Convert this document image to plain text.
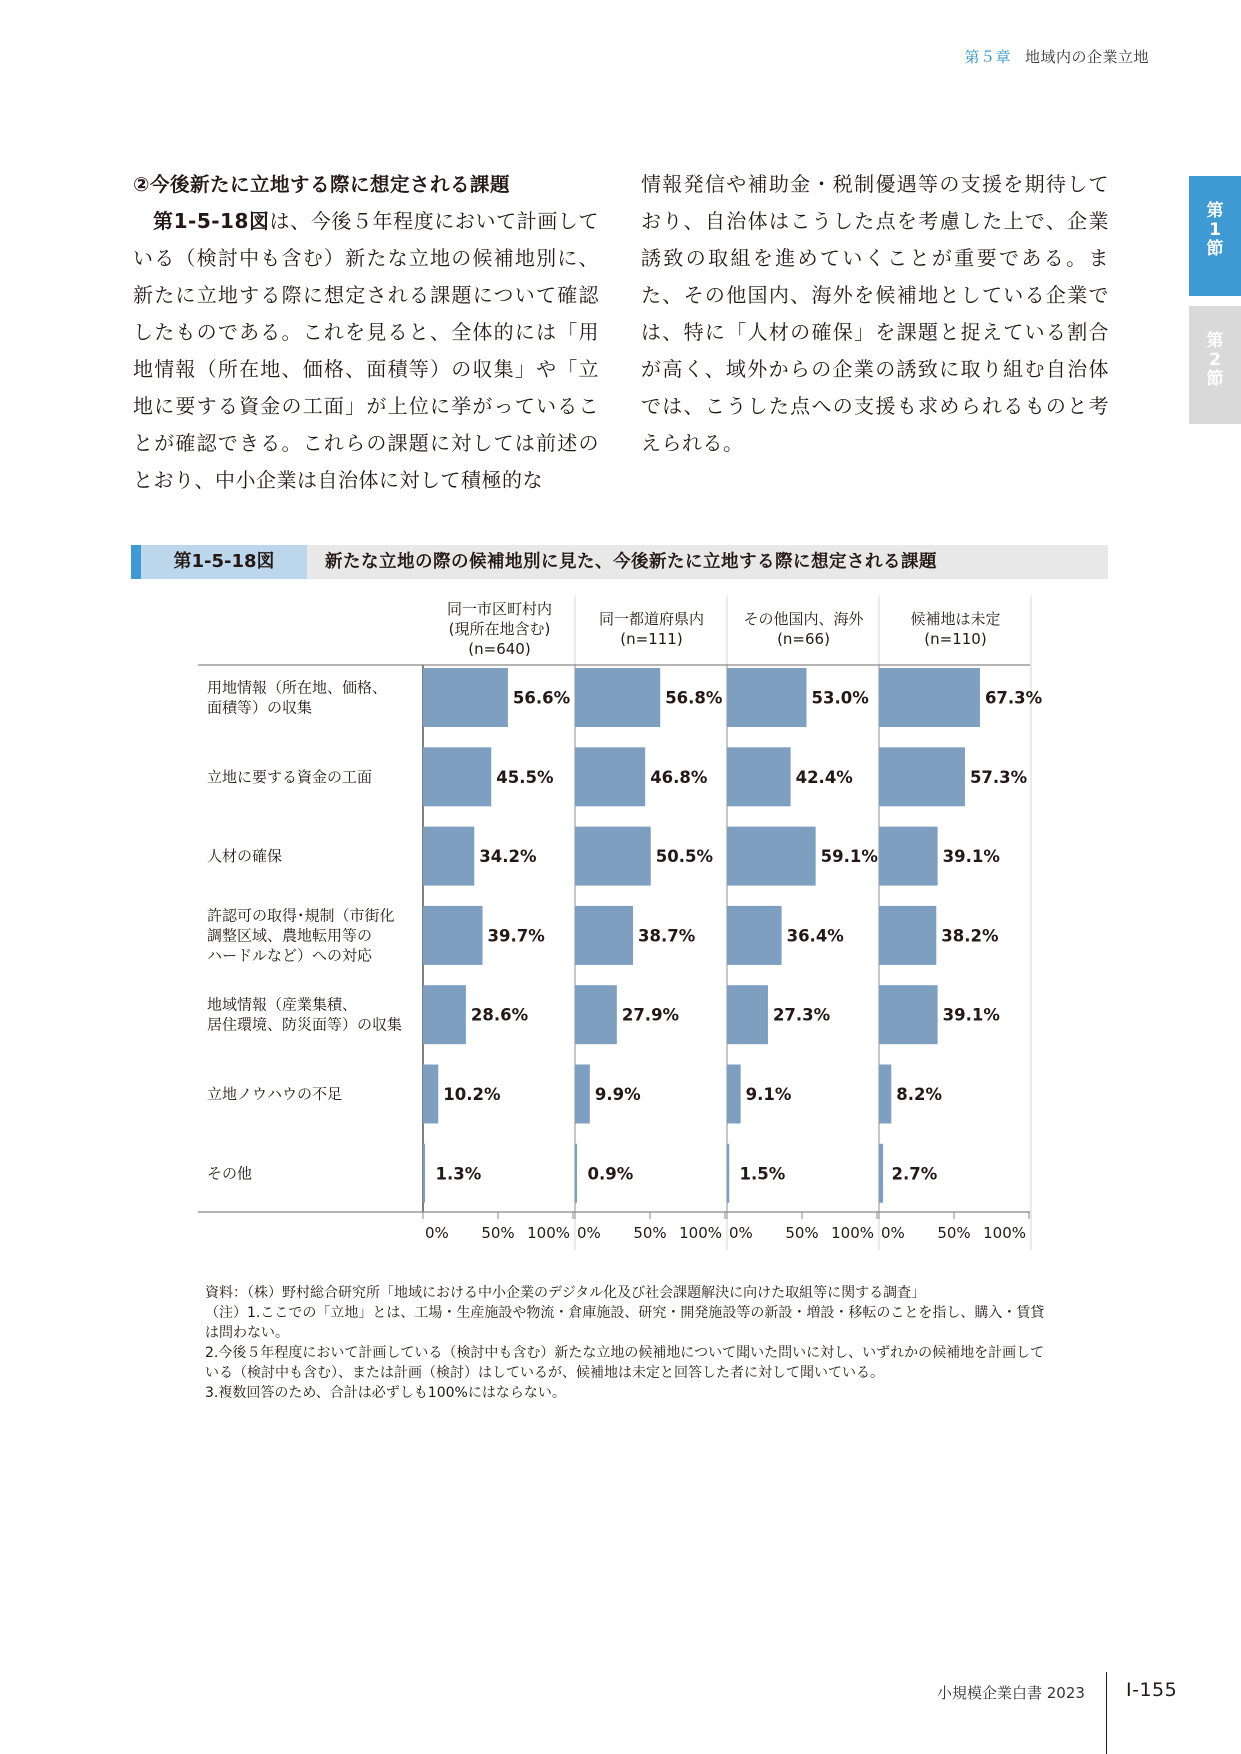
第５章 地域内の企業立地
第
1
節
第
2
節
②今後新たに立地する際に想定される課題
第1-5-18図は、今後５年程度において計画している（検討中も含む）新たな立地の候補地別に、新たに立地する際に想定される課題について確認したものである。これを見ると、全体的には「用地情報（所在地、価格、面積等）の収集」や「立地に要する資金の工面」が上位に挙がっていることが確認できる。これらの課題に対しては前述のとおり、中小企業は自治体に対して積極的な
情報発信や補助金・税制優遇等の支援を期待しており、自治体はこうした点を考慮した上で、企業誘致の取組を進めていくことが重要である。また、その他国内、海外を候補地としている企業では、特に「人材の確保」を課題と捉えている割合が高く、域外からの企業の誘致に取り組む自治体では、こうした点への支援も求められるものと考えられる。
第1-5-18図	新たな立地の際の候補地別に見た、今後新たに立地する際に想定される課題
同一市区町村内
(現所在地含む)
(n=640)
同一都道府県内
(n=111)
その他国内、海外
(n=66)
候補地は未定
(n=110)
用地情報（所在地、価格、
面積等）の収集
立地に要する資金の工面
人材の確保
許認可の取得･規制（市街化
調整区域、農地転用等の
ハードルなど）への対応
地域情報（産業集積、
居住環境、防災面等）の収集
立地ノウハウの不足
その他
56.6%
45.5%
34.2%
39.7%
28.6%
10.2%
1.3%
0% 50% 100%
56.8%
46.8%
50.5%
38.7%
27.9%
9.9%
0.9%
0% 50% 100%
53.0%
42.4%
59.1%
36.4%
27.3%
9.1%
1.5%
0% 50% 100%
67.3%
57.3%
39.1%
38.2%
39.1%
8.2%
2.7%
0% 50% 100%

資料：（株）野村総合研究所「地域における中小企業のデジタル化及び社会課題解決に向けた取組等に関する調査」

（注）1.ここでの「立地」とは、工場・生産施設や物流・倉庫施設、研究・開発施設等の新設・増設・移転のことを指し、購入・賃貸は問わない。

2.今後５年程度において計画している（検討中も含む）新たな立地の候補地について聞いた問いに対し、いずれかの候補地を計画している（検討中も含む）、または計画（検討）はしているが、候補地は未定と回答した者に対して聞いている。

3.複数回答のため、合計は必ずしも100%にはならない。

小規模企業白書 2023 Ⅰ-155
